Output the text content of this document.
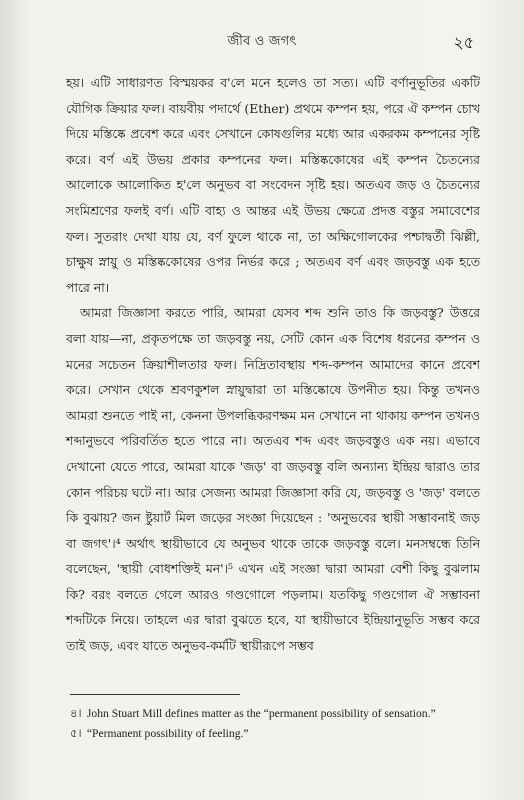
জীব ও জগৎ	২৫

হয়। এটি সাধারণত বিস্ময়কর ব'লে মনে হলেও তা সত্য। এটি বর্ণানুভূতির একটি যৌগিক ক্রিয়ার ফল। বায়বীয় পদার্থে (Ether) প্রথমে কম্পন হয়, পরে ঐ কম্পন চোখ দিয়ে মস্তিষ্কে প্রবেশ করে এবং সেখানে কোষগুলির মধ্যে আর একরকম কম্পনের সৃষ্টি করে। বর্ণ এই উভয় প্রকার কম্পনের ফল। মস্তিষ্ককোষের এই কম্পন চৈতন্যের আলোকে আলোকিত হ'লে অনুভব বা সংবেদন সৃষ্টি হয়। অতএব জড় ও চৈতন্যের সংমিশ্রণের ফলই বর্ণ। এটি বাহ্য ও আন্তর এই উভয় ক্ষেত্রে প্রদত্ত বস্তুর সমাবেশের ফল। সুতরাং দেখা যায় যে, বর্ণ ফুলে থাকে না, তা অক্ষিগোলকের পশ্চাদ্বর্তী ঝিল্লী, চাক্ষুষ স্নায়ু ও মস্তিষ্ককোষের ওপর নির্ভর করে ; অতএব বর্ণ এবং জড়বস্তু এক হতে পারে না।

আমরা জিজ্ঞাসা করতে পারি, আমরা যেসব শব্দ শুনি তাও কি জড়বস্তু? উত্তরে বলা যায়—না, প্রকৃতপক্ষে তা জড়বস্তু নয়, সেটি কোন এক বিশেষ ধরনের কম্পন ও মনের সচেতন ক্রিয়াশীলতার ফল। নিদ্রিতাবস্থায় শব্দ-কম্পন আমাদের কানে প্রবেশ করে। সেখান থেকে শ্রবণকুশল স্নায়ুদ্বারা তা মস্তিষ্কোষে উপনীত হয়। কিন্তু তখনও আমরা শুনতে পাই না, কেননা উপলব্ধিকরণক্ষম মন সেখানে না থাকায় কম্পন তখনও শব্দানুভবে পরিবর্তিত হতে পারে না। অতএব শব্দ এবং জড়বস্তুও এক নয়। এভাবে দেখানো যেতে পারে, আমরা যাকে 'জড়' বা জড়বস্তু বলি অন্যান্য ইন্দ্রিয় দ্বারাও তার কোন পরিচয় ঘটে না। আর সেজন্য আমরা জিজ্ঞাসা করি যে, জড়বস্তু ও 'জড়' বলতে কি বুঝায়? জন ষ্টুয়ার্ট মিল জড়ের সংজ্ঞা দিয়েছেন : 'অনুভবের স্থায়ী সম্ভাবনাই জড় বা জগৎ'।⁴ অর্থাৎ স্থায়ীভাবে যে অনুভব থাকে তাকে জড়বস্তু বলে। মনসম্বন্ধে তিনি বলেছেন, 'স্থায়ী বোধশক্তিই মন'।⁵ এখন এই সংজ্ঞা দ্বারা আমরা বেশী কিছু বুঝলাম কি? বরং বলতে গেলে আরও গণ্ডগোলে পড়লাম। যতকিছু গণ্ডগোল ঐ সম্ভাবনা শব্দটিকে নিয়ে। তাহলে এর দ্বারা বুঝতে হবে, যা স্থায়ীভাবে ইন্দ্রিয়ানুভূতি সম্ভব করে তাই জড়, এবং যাতে অনুভব-কর্মটি স্থায়ীরূপে সম্ভব

৪। John Stuart Mill defines matter as the “permanent possibility of sensation.”

৫। “Permanent possibility of feeling.”
